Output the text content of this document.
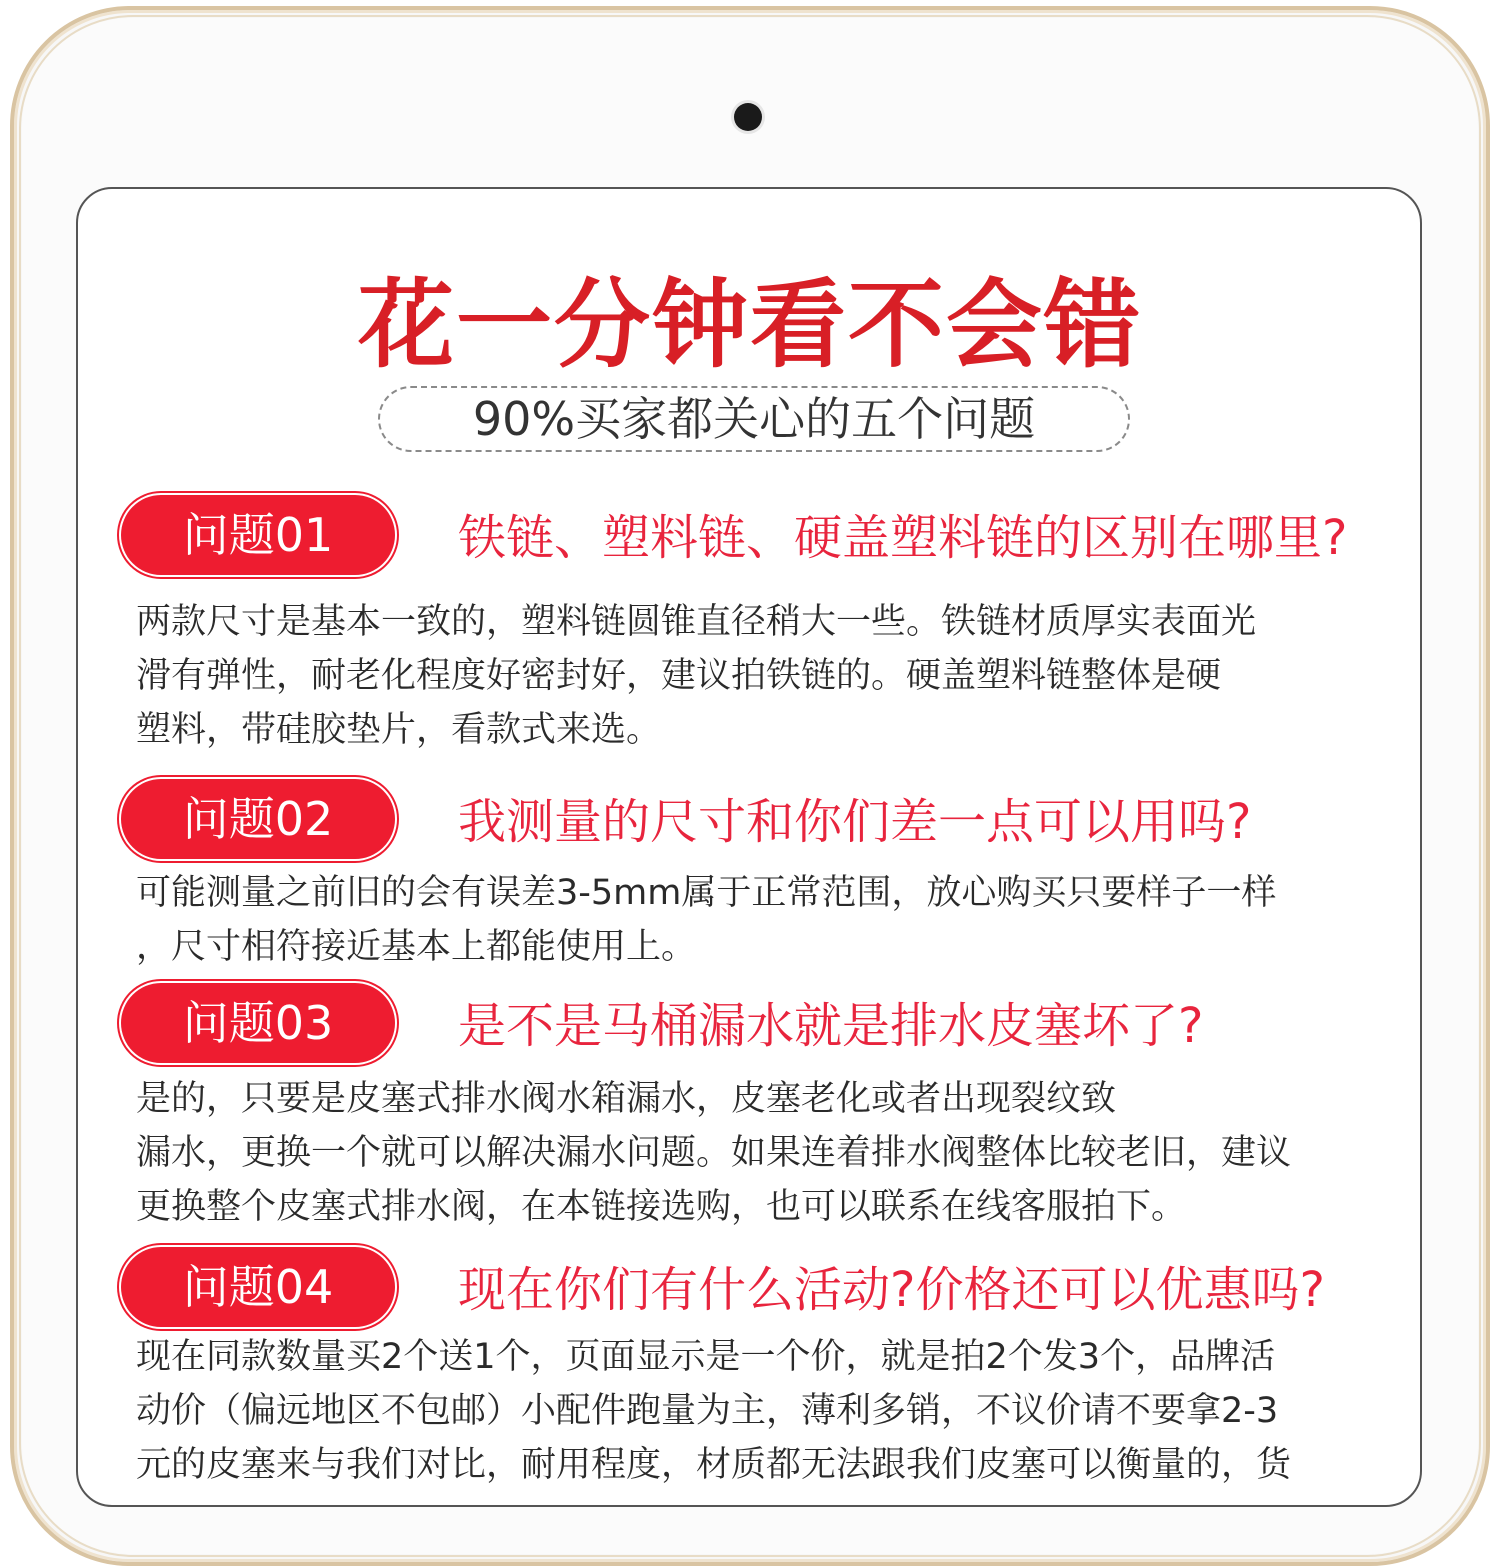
花一分钟看不会错
90%买家都关心的五个问题
问题01	铁链、塑料链、硬盖塑料链的区别在哪里?

两款尺寸是基本一致的，塑料链圆锥直径稍大一些。铁链材质厚实表面光

滑有弹性，耐老化程度好密封好，建议拍铁链的。硬盖塑料链整体是硬

塑料，带硅胶垫片，看款式来选。

问题02	我测量的尺寸和你们差一点可以用吗?

可能测量之前旧的会有误差3-5mm属于正常范围，放心购买只要样子一样

，尺寸相符接近基本上都能使用上。

问题03	是不是马桶漏水就是排水皮塞坏了?

是的，只要是皮塞式排水阀水箱漏水，皮塞老化或者出现裂纹致

漏水，更换一个就可以解决漏水问题。如果连着排水阀整体比较老旧，建议

更换整个皮塞式排水阀，在本链接选购，也可以联系在线客服拍下。

问题04	现在你们有什么活动?价格还可以优惠吗?

现在同款数量买2个送1个，页面显示是一个价，就是拍2个发3个，品牌活

动价（偏远地区不包邮）小配件跑量为主，薄利多销，不议价请不要拿2-3

元的皮塞来与我们对比，耐用程度，材质都无法跟我们皮塞可以衡量的，货
